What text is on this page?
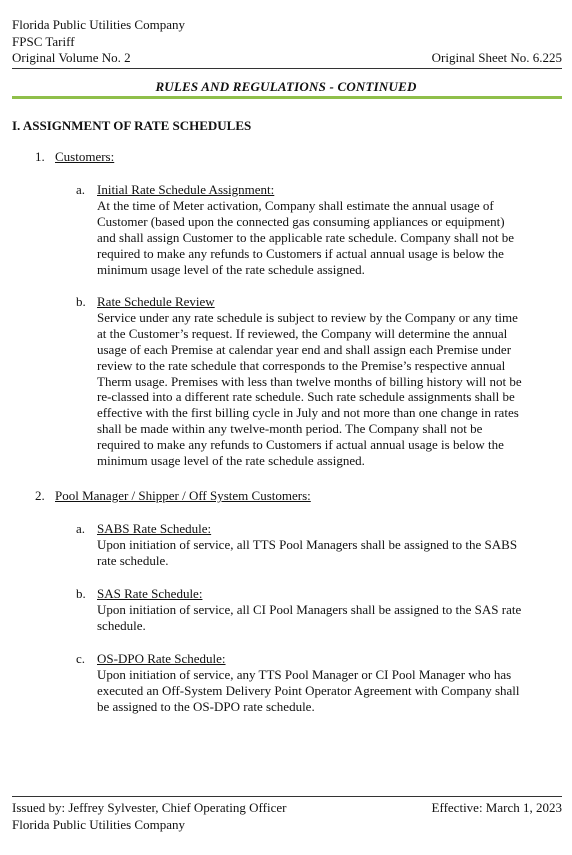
Florida Public Utilities Company
FPSC Tariff
Original Volume No. 2	Original Sheet No. 6.225
RULES AND REGULATIONS - CONTINUED
I. ASSIGNMENT OF RATE SCHEDULES
1. Customers:
a. Initial Rate Schedule Assignment:
At the time of Meter activation, Company shall estimate the annual usage of
Customer (based upon the connected gas consuming appliances or equipment)
and shall assign Customer to the applicable rate schedule. Company shall not be
required to make any refunds to Customers if actual annual usage is below the
minimum usage level of the rate schedule assigned.
b. Rate Schedule Review
Service under any rate schedule is subject to review by the Company or any time
at the Customer’s request. If reviewed, the Company will determine the annual
usage of each Premise at calendar year end and shall assign each Premise under
review to the rate schedule that corresponds to the Premise’s respective annual
Therm usage. Premises with less than twelve months of billing history will not be
re-classed into a different rate schedule. Such rate schedule assignments shall be
effective with the first billing cycle in July and not more than one change in rates
shall be made within any twelve-month period. The Company shall not be
required to make any refunds to Customers if actual annual usage is below the
minimum usage level of the rate schedule assigned.
2. Pool Manager / Shipper / Off System Customers:
a. SABS Rate Schedule:
Upon initiation of service, all TTS Pool Managers shall be assigned to the SABS
rate schedule.
b. SAS Rate Schedule:
Upon initiation of service, all CI Pool Managers shall be assigned to the SAS rate
schedule.
c. OS-DPO Rate Schedule:
Upon initiation of service, any TTS Pool Manager or CI Pool Manager who has
executed an Off-System Delivery Point Operator Agreement with Company shall
be assigned to the OS-DPO rate schedule.
Issued by: Jeffrey Sylvester, Chief Operating Officer	Effective: March 1, 2023
Florida Public Utilities Company
